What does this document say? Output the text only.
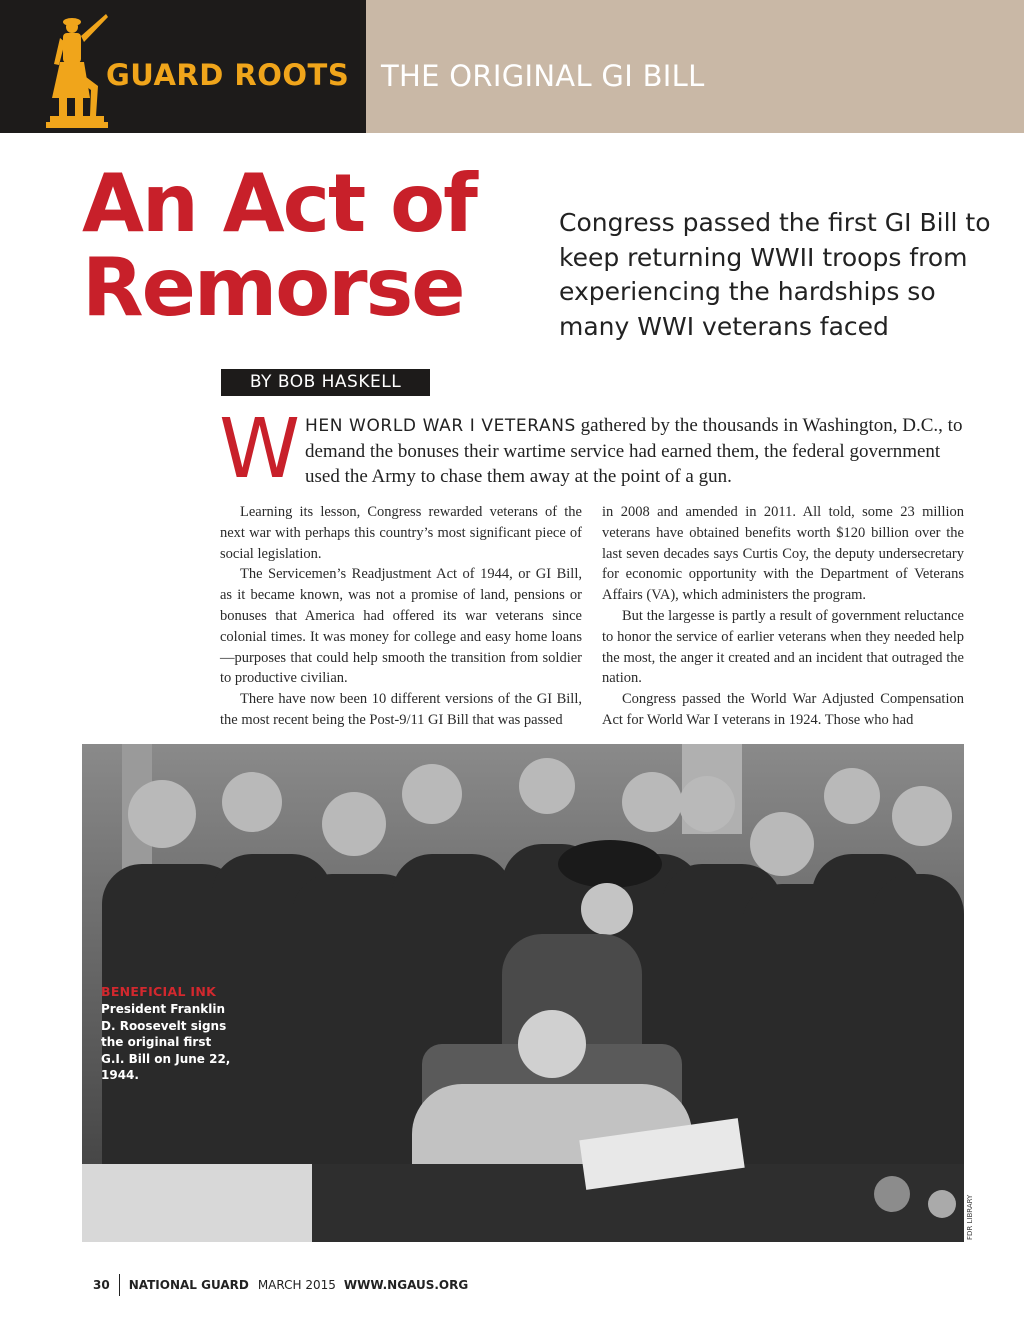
GUARD ROOTS THE ORIGINAL GI BILL
An Act of
Remorse
Congress passed the first GI Bill to keep returning WWII troops from experiencing the hardships so many WWI veterans faced
BY BOB HASKELL
W HEN WORLD WAR I VETERANS gathered by the thousands in Washington, D.C., to demand the bonuses their wartime service had earned them, the federal government used the Army to chase them away at the point of a gun.

Learning its lesson, Congress rewarded veterans of the next war with perhaps this country’s most significant piece of social legislation.

The Servicemen’s Readjustment Act of 1944, or GI Bill, as it became known, was not a promise of land, pensions or bonuses that America had offered its war veterans since colonial times. It was money for college and easy home loans—purposes that could help smooth the transition from soldier to productive civilian.

There have now been 10 different versions of the GI Bill, the most recent being the Post-9/11 GI Bill that was passed

in 2008 and amended in 2011. All told, some 23 million veterans have obtained benefits worth $120 billion over the last seven decades says Curtis Coy, the deputy undersecretary for economic opportunity with the Department of Veterans Affairs (VA), which administers the program.

But the largesse is partly a result of government reluctance to honor the service of earlier veterans when they needed help the most, the anger it created and an incident that outraged the nation.

Congress passed the World War Adjusted Compensation Act for World War I veterans in 1924. Those who had

BENEFICIAL INK
President Franklin D. Roosevelt signs the original first G.I. Bill on June 22, 1944.
FDR LIBRARY
30 NATIONAL GUARD MARCH 2015 WWW.NGAUS.ORG
